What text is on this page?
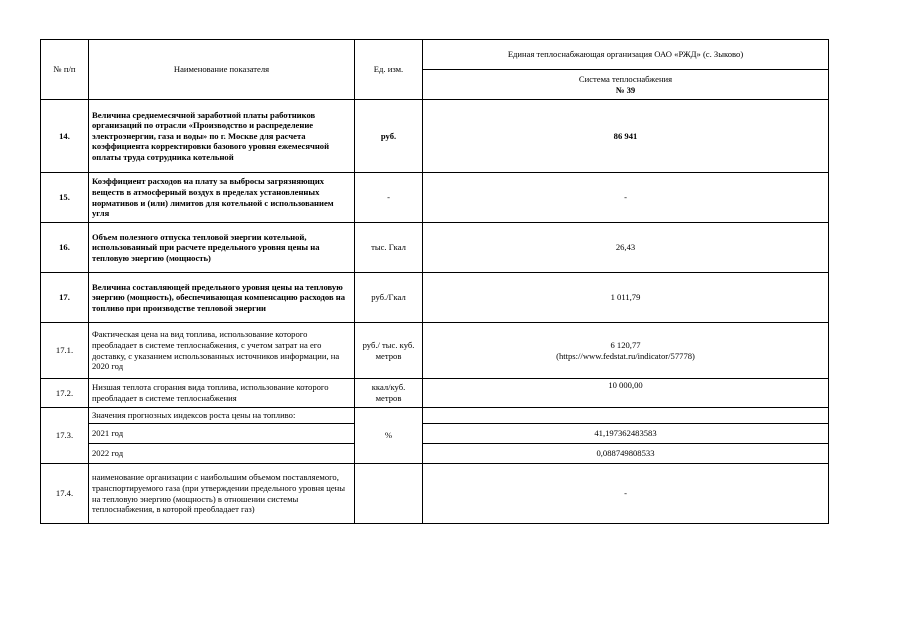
№ п/п	Наименование показателя	Ед. изм.	Единая теплоснабжающая организация ОАО «РЖД» (с. Зыково)

			Система теплоснабжения
№ 39

14.	Величина среднемесячной заработной платы работников организаций по отрасли «Производство и распределение электроэнергии, газа и воды» по г. Москве для расчета коэффициента корректировки базового уровня ежемесячной оплаты труда сотрудника котельной	руб.	86 941
15.	Коэффициент расходов на плату за выбросы загрязняющих веществ в атмосферный воздух в пределах установленных нормативов и (или) лимитов для котельной с использованием угля	-	-
16.	Объем полезного отпуска тепловой энергии котельной, использованный при расчете предельного уровня цены на тепловую энергию (мощность)	тыс. Гкал	26,43
17.	Величина составляющей предельного уровня цены на тепловую энергию (мощность), обеспечивающая компенсацию расходов на топливо при производстве тепловой энергии	руб./Гкал	1 011,79
17.1.	Фактическая цена на вид топлива, использование которого преобладает в системе теплоснабжения, с учетом затрат на его доставку, с указанием использованных источников информации, на 2020 год	руб./ тыс. куб. метров	6 120,77
(https://www.fedstat.ru/indicator/57778)

17.2.	Низшая теплота сгорания вида топлива, использование которого преобладает в системе теплоснабжения	ккал/куб. метров	10 000,00
17.3.	Значения прогнозных индексов роста цены на топливо:	%	
	2021 год		41,197362483583
	2022 год		0,088749808533
17.4.	наименование организации с наибольшим объемом поставляемого, транспортируемого газа (при утверждении предельного уровня цены на тепловую энергию (мощность) в отношении системы теплоснабжения, в которой преобладает газ)		-
